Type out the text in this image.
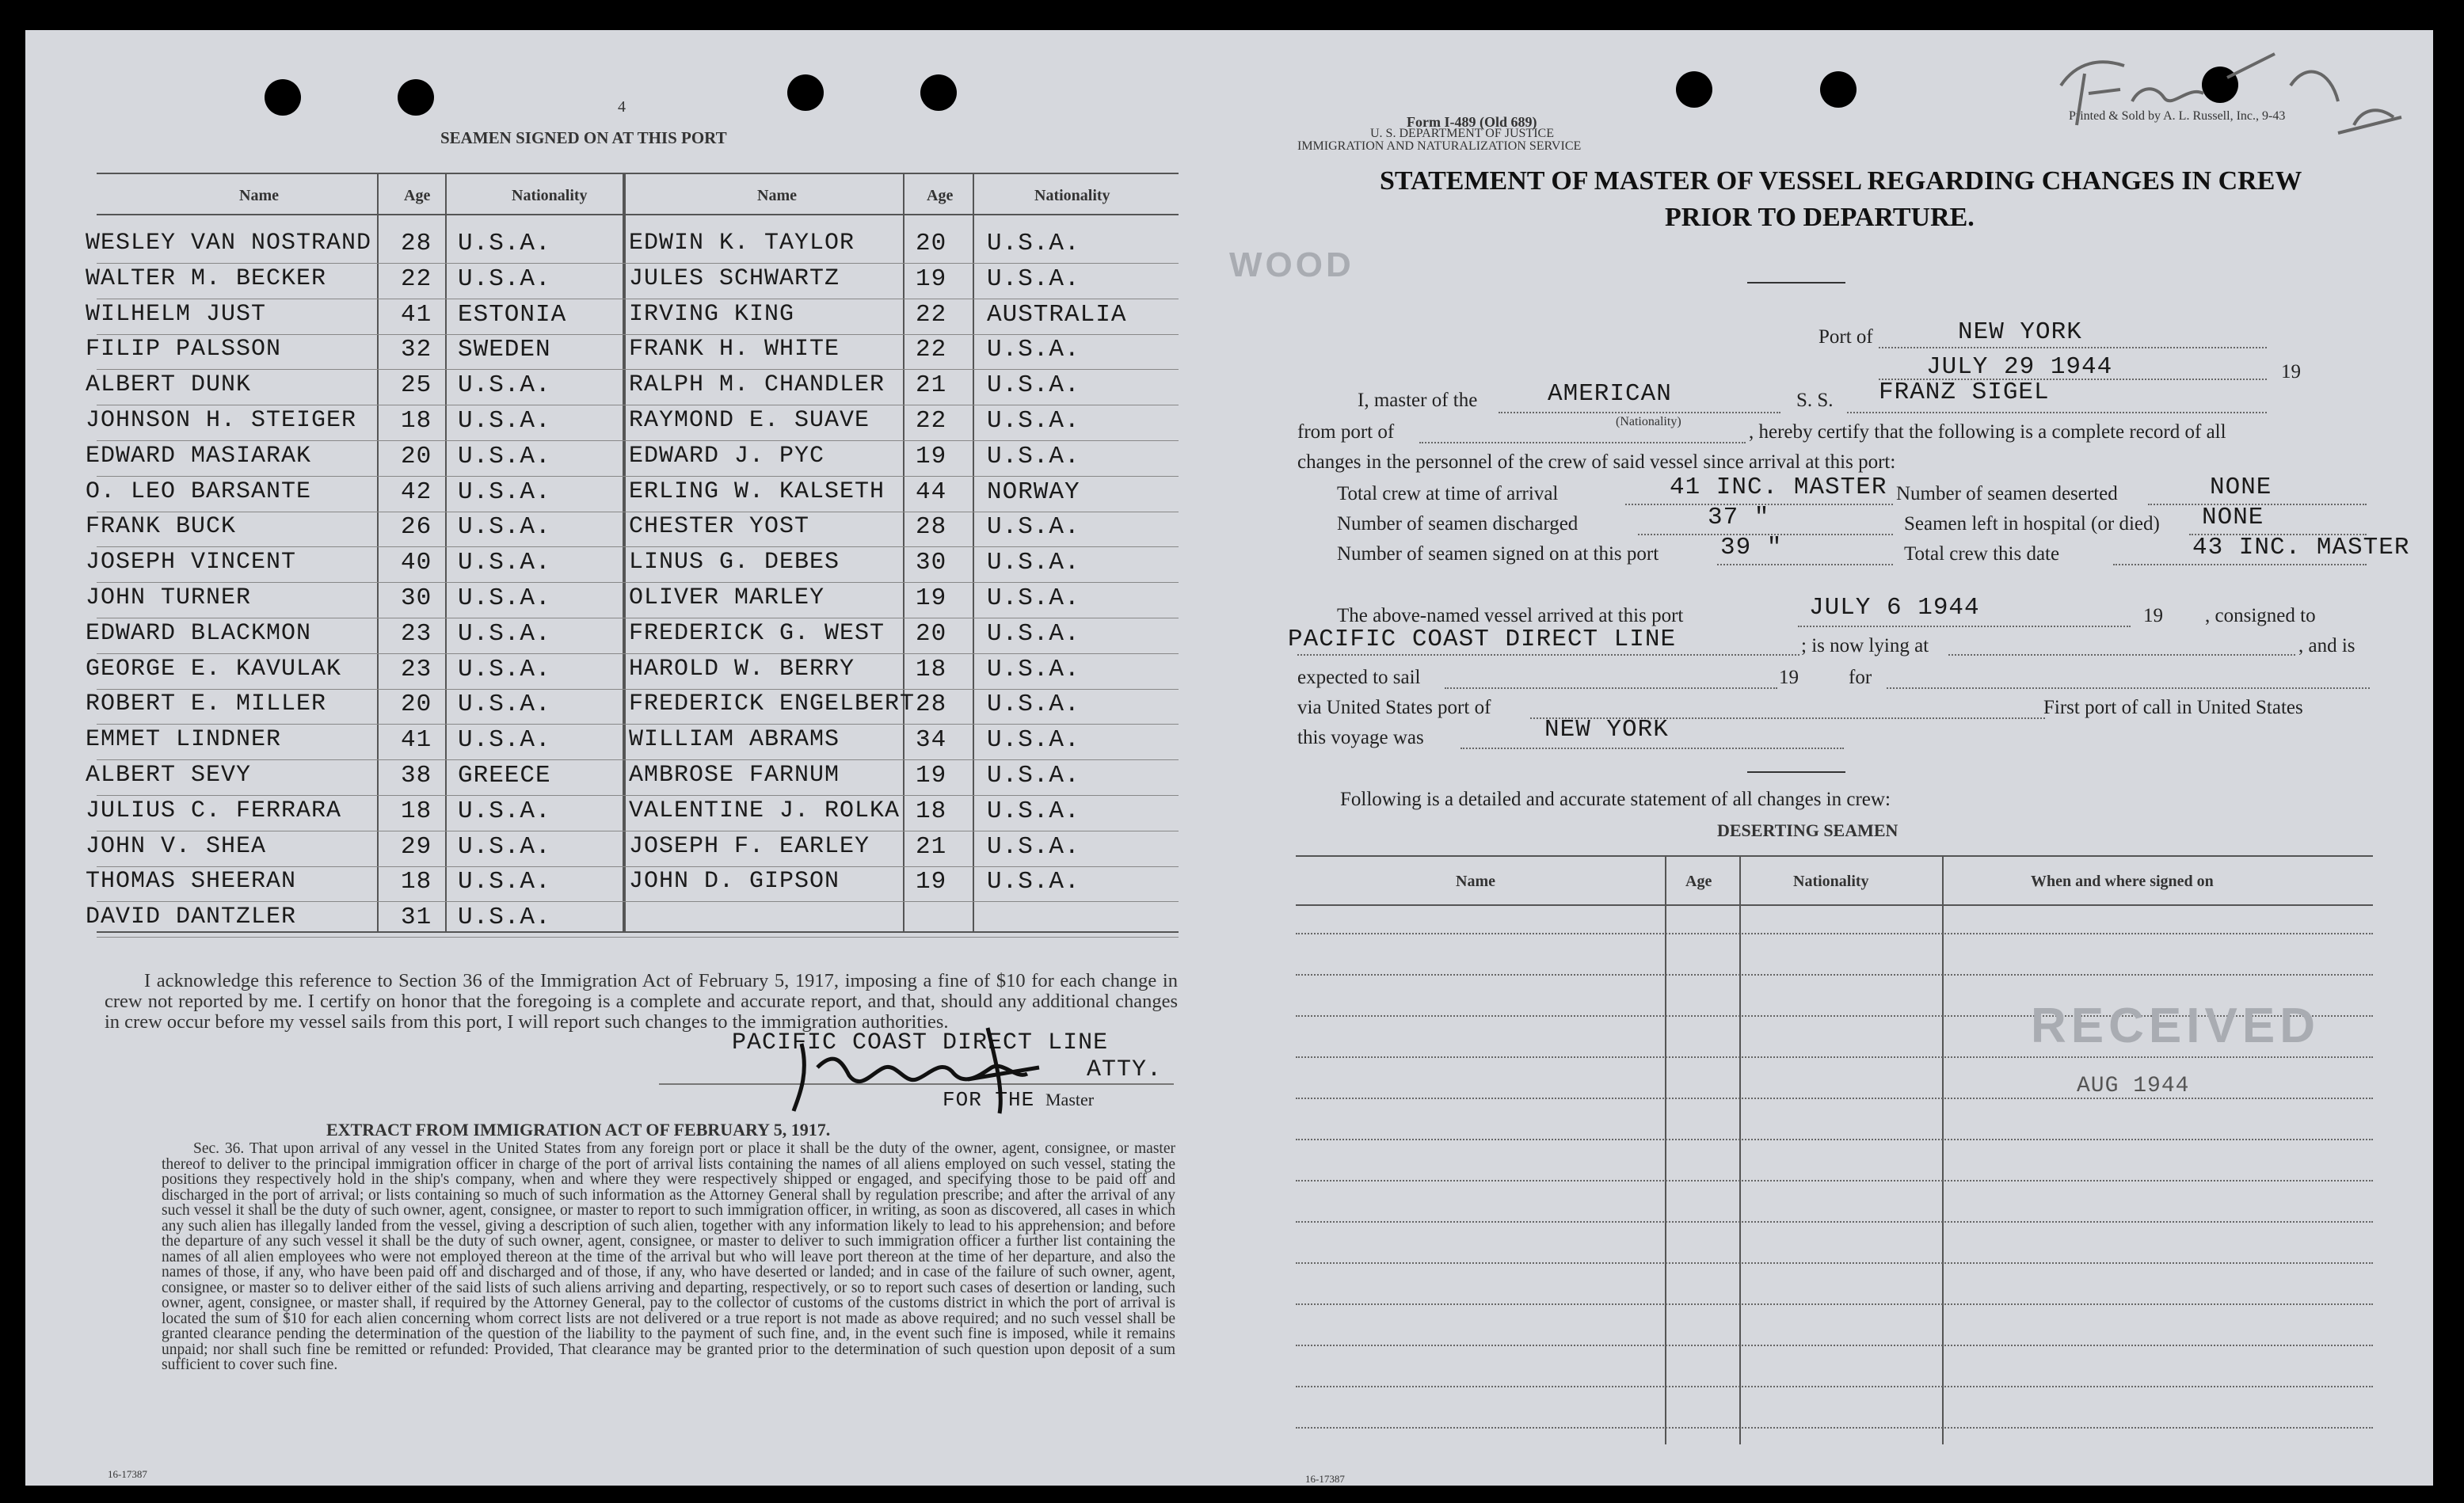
4
SEAMEN SIGNED ON AT THIS PORT
Name	Age	Nationality	Name	Age	Nationality
WESLEY VAN NOSTRAND 28 U.S.A.	EDWIN K. TAYLOR 20 U.S.A.
WALTER M. BECKER	22 U.S.A.	JULES SCHWARTZ	19 U.S.A.
WILHELM JUST	41 ESTONIA	IRVING KING	22 AUSTRALIA
FILIP PALSSON	32 SWEDEN	FRANK H. WHITE	22 U.S.A.
ALBERT DUNK	25 U.S.A.	RALPH M. CHANDLER 21 U.S.A.
JOHNSON H. STEIGER 18 U.S.A.	RAYMOND E. SUAVE 22 U.S.A.
EDWARD MASIARAK	20 U.S.A.	EDWARD J. PYC	19 U.S.A.
O. LEO BARSANTE	42 U.S.A.	ERLING W. KALSETH 44 NORWAY
FRANK BUCK	26 U.S.A.	CHESTER YOST	28 U.S.A.
JOSEPH VINCENT	40 U.S.A.	LINUS G. DEBES	30 U.S.A.
JOHN TURNER	30 U.S.A.	OLIVER MARLEY	19 U.S.A.
EDWARD BLACKMON	23 U.S.A.	FREDERICK G. WEST 20 U.S.A.
GEORGE E. KAVULAK 23 U.S.A.	HAROLD W. BERRY 18 U.S.A.
ROBERT E. MILLER	20 U.S.A.	FREDERICK ENGELBERT 28 U.S.A.
EMMET LINDNER	41 U.S.A.	WILLIAM ABRAMS	34 U.S.A.
ALBERT SEVY	38 GREECE	AMBROSE FARNUM	19 U.S.A.
JULIUS C. FERRARA 18 U.S.A.	VALENTINE J. ROLKA 18 U.S.A.
JOHN V. SHEA	29 U.S.A.	JOSEPH F. EARLEY 21 U.S.A.
THOMAS SHEERAN	18 U.S.A.	JOHN D. GIPSON	19 U.S.A.
DAVID DANTZLER	31 U.S.A.
I acknowledge this reference to Section 36 of the Immigration Act of February 5, 1917, imposing a fine of $10 for each change in crew not reported by me. I certify on honor that the foregoing is a complete and accurate report, and that, should any additional changes in crew occur before my vessel sails from this port, I will report such changes to the immigration authorities.
PACIFIC COAST DIRECT LINE
ATTY.
FOR THE Master
EXTRACT FROM IMMIGRATION ACT OF FEBRUARY 5, 1917.
Sec. 36. That upon arrival of any vessel in the United States from any foreign port or place it shall be the duty of the owner, agent, consignee, or master thereof to deliver to the principal immigration officer in charge of the port of arrival lists containing the names of all aliens employed on such vessel, stating the positions they respectively hold in the ship's company, when and where they were respectively shipped or engaged, and specifying those to be paid off and discharged in the port of arrival; or lists containing so much of such information as the Attorney General shall by regulation prescribe; and after the arrival of any such vessel it shall be the duty of such owner, agent, consignee, or master to report to such immigration officer, in writing, as soon as discovered, all cases in which any such alien has illegally landed from the vessel, giving a description of such alien, together with any information likely to lead to his apprehension; and before the departure of any such vessel it shall be the duty of such owner, agent, consignee, or master to deliver to such immigration officer a further list containing the names of all alien employees who were not employed thereon at the time of the arrival but who will leave port thereon at the time of her departure, and also the names of those, if any, who have been paid off and discharged and of those, if any, who have deserted or landed; and in case of the failure of such owner, agent, consignee, or master so to deliver either of the said lists of such aliens arriving and departing, respectively, or so to report such cases of desertion or landing, such owner, agent, consignee, or master shall, if required by the Attorney General, pay to the collector of customs of the customs district in which the port of arrival is located the sum of $10 for each alien concerning whom correct lists are not delivered or a true report is not made as above required; and no such vessel shall be granted clearance pending the determination of the question of the liability to the payment of such fine, and, in the event such fine is imposed, while it remains unpaid; nor shall such fine be remitted or refunded: Provided, That clearance may be granted prior to the determination of such question upon deposit of a sum sufficient to cover such fine.
16-17387
Form I-489 (Old 689)
U. S. DEPARTMENT OF JUSTICE
IMMIGRATION AND NATURALIZATION SERVICE
Printed & Sold by A. L. Russell, Inc., 9-43
STATEMENT OF MASTER OF VESSEL REGARDING CHANGES IN CREW
PRIOR TO DEPARTURE.
WOOD
Port of	NEW YORK
JULY 29 1944	19
I, master of the	AMERICAN
(Nationality)
S. S. FRANZ SIGEL
from port of	, hereby certify that the following is a complete record of all
changes in the personnel of the crew of said vessel since arrival at this port:
Total crew at time of arrival	41 INC. MASTER Number of seamen deserted	NONE
Number of seamen discharged	37 "	Seamen left in hospital (or died) NONE
Number of seamen signed on at this port	39 "	Total crew this date	43 INC. MASTER
The above-named vessel arrived at this port	JULY 6 1944	19 , consigned to
PACIFIC COAST DIRECT LINE	; is now lying at	, and is
expected to sail	19	for
via United States port of	First port of call in United States
this voyage was	NEW YORK
Following is a detailed and accurate statement of all changes in crew:
DESERTING SEAMEN
Name	Age	Nationality	When and where signed on
RECEIVED
AUG 1944
16-17387
